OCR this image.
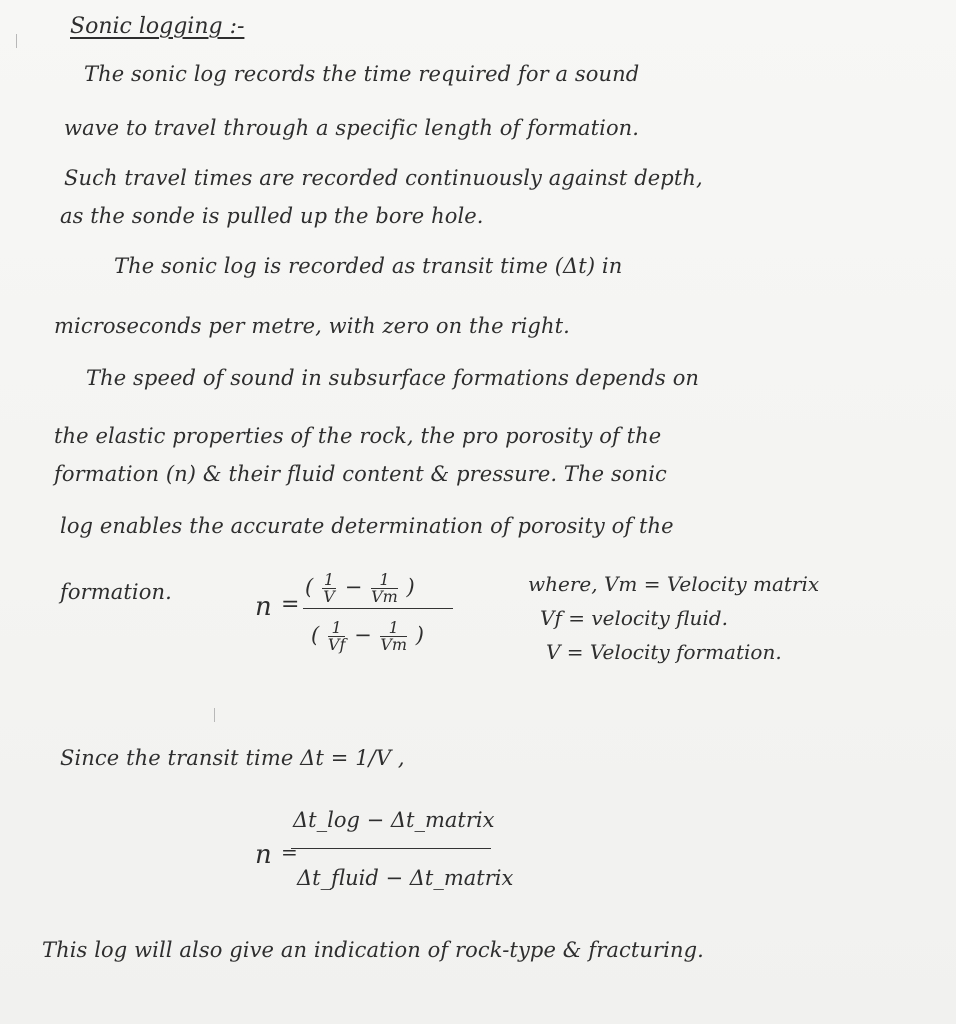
Sonic logging :-
The sonic log records the time required for a sound
wave to travel through a specific length of formation.
Such travel times are recorded continuously against depth,
as the sonde is pulled up the bore hole.
The sonic log is recorded as transit time (Δt) in
microseconds per metre, with zero on the right.
The speed of sound in subsurface formations depends on
the elastic properties of the rock, the pro porosity of the
formation (n) & their fluid content & pressure. The sonic
log enables the accurate determination of porosity of the
formation.	n =
( $\frac{1}{V} - \frac{1}{Vm}$ )
( $\frac{1}{Vf} - \frac{1}{Vm}$ )
where, Vm = Velocity matrix
Vf = velocity fluid.
V = Velocity formation.
Since the transit time Δt = 1/V ,
n =
Δt_log − Δt_matrix
Δt_fluid − Δt_matrix
This log will also give an indication of rock-type & fracturing.
